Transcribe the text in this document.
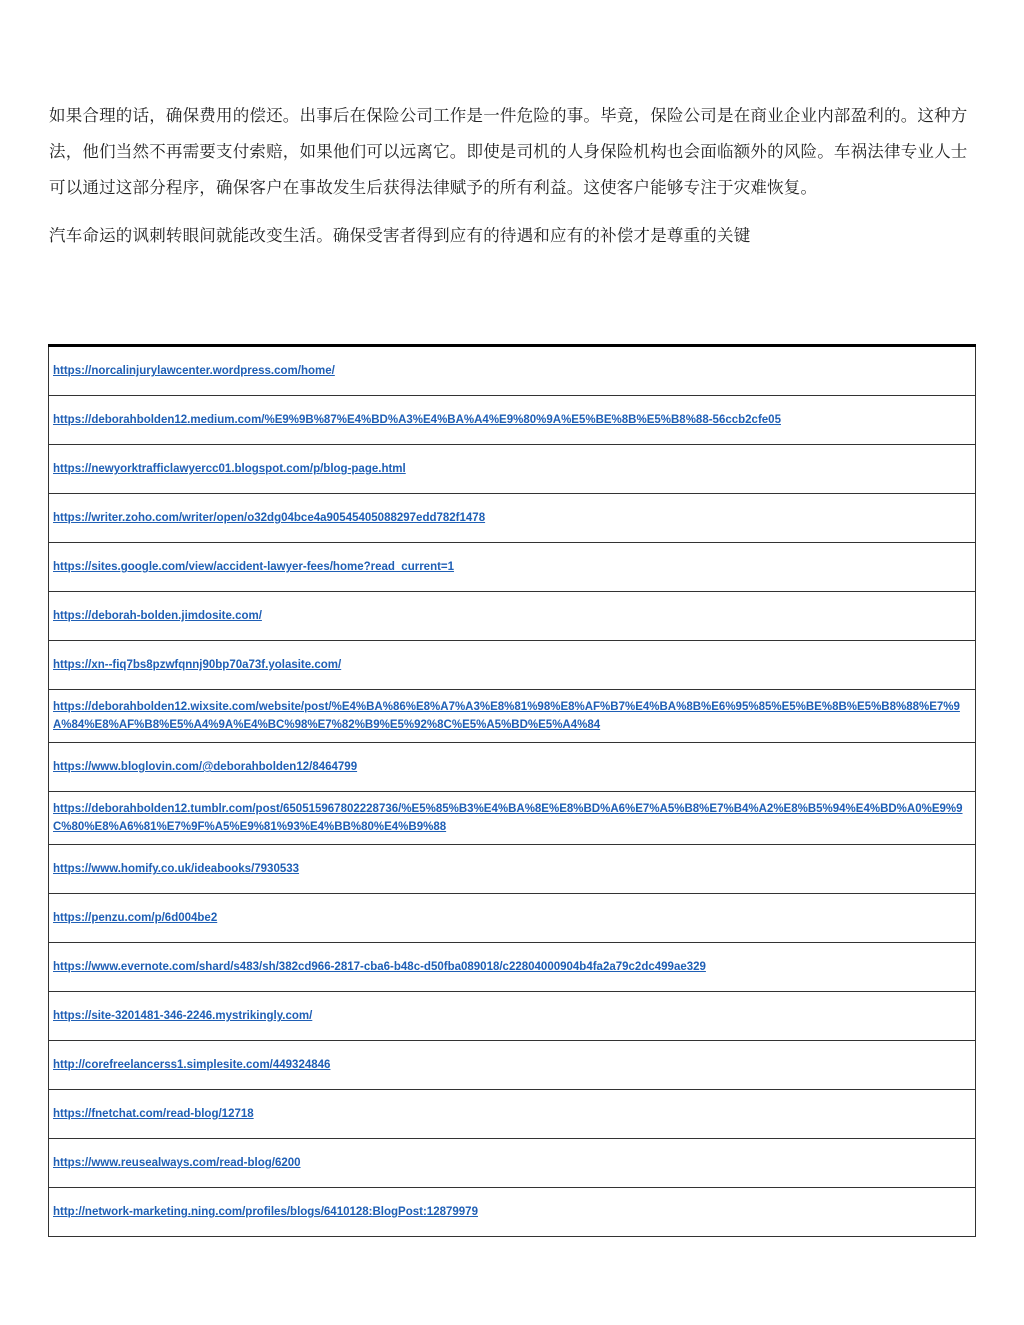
如果合理的话，确保费用的偿还。出事后在保险公司工作是一件危险的事。毕竟，保险公司是在商业企业内部盈利的。这种方法，他们当然不再需要支付索赔，如果他们可以远离它。即使是司机的人身保险机构也会面临额外的风险。车祸法律专业人士可以通过这部分程序，确保客户在事故发生后获得法律赋予的所有利益。这使客户能够专注于灾难恢复。

汽车命运的讽刺转眼间就能改变生活。确保受害者得到应有的待遇和应有的补偿才是尊重的关键

https://norcalinjurylawcenter.wordpress.com/home/

https://deborahbolden12.medium.com/%E9%9B%87%E4%BD%A3%E4%BA%A4%E9%80%9A%E5%BE%8B%E5%B8%88-56ccb2cfe05

https://newyorktrafficlawyercc01.blogspot.com/p/blog-page.html

https://writer.zoho.com/writer/open/o32dg04bce4a90545405088297edd782f1478

https://sites.google.com/view/accident-lawyer-fees/home?read_current=1

https://deborah-bolden.jimdosite.com/

https://xn--fiq7bs8pzwfqnnj90bp70a73f.yolasite.com/

https://deborahbolden12.wixsite.com/website/post/%E4%BA%86%E8%A7%A3%E8%81%98%E8%AF%B7%E4%BA%8B%E6%95%85%E5%BE%8B%E5%B8%88%E7%9A%84%E8%AF%B8%E5%A4%9A%E4%BC%98%E7%82%B9%E5%92%8C%E5%A5%BD%E5%A4%84

https://www.bloglovin.com/@deborahbolden12/8464799

https://deborahbolden12.tumblr.com/post/650515967802228736/%E5%85%B3%E4%BA%8E%E8%BD%A6%E7%A5%B8%E7%B4%A2%E8%B5%94%E4%BD%A0%E9%9C%80%E8%A6%81%E7%9F%A5%E9%81%93%E4%BB%80%E4%B9%88

https://www.homify.co.uk/ideabooks/7930533

https://penzu.com/p/6d004be2

https://www.evernote.com/shard/s483/sh/382cd966-2817-cba6-b48c-d50fba089018/c22804000904b4fa2a79c2dc499ae329

https://site-3201481-346-2246.mystrikingly.com/

http://corefreelancerss1.simplesite.com/449324846

https://fnetchat.com/read-blog/12718

https://www.reusealways.com/read-blog/6200

http://network-marketing.ning.com/profiles/blogs/6410128:BlogPost:12879979
